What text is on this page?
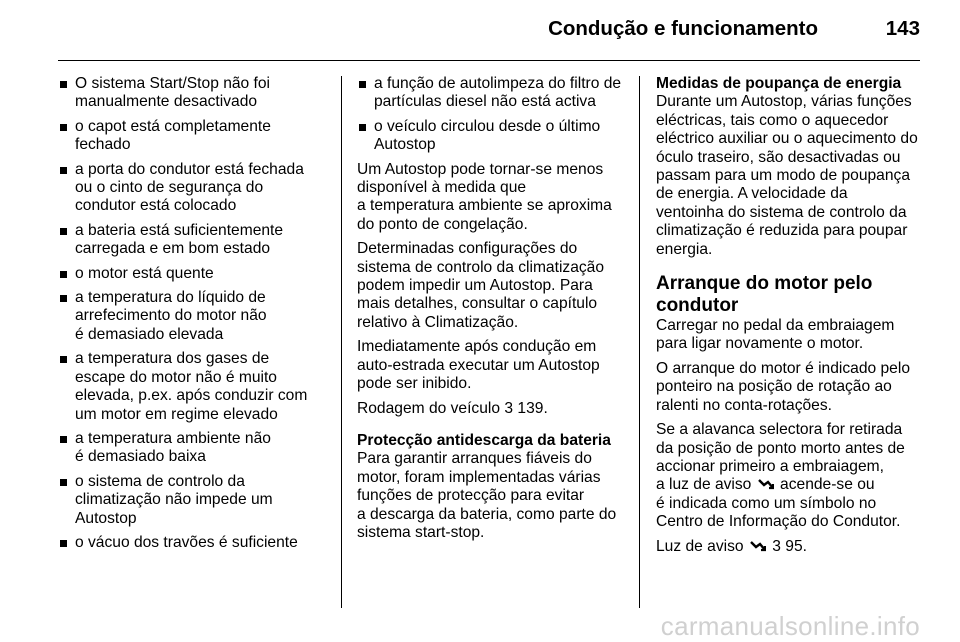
Condução e funcionamento	143
O sistema Start/Stop não foi
manualmente desactivado
o capot está completamente
fechado
a porta do condutor está fechada
ou o cinto de segurança do
condutor está colocado
a bateria está suficientemente
carregada e em bom estado
o motor está quente
a temperatura do líquido de
arrefecimento do motor não
é demasiado elevada
a temperatura dos gases de
escape do motor não é muito
elevada, p.ex. após conduzir com
um motor em regime elevado
a temperatura ambiente não
é demasiado baixa
o sistema de controlo da
climatização não impede um
Autostop
o vácuo dos travões é suficiente
a função de autolimpeza do filtro de
partículas diesel não está activa
o veículo circulou desde o último
Autostop

Um Autostop pode tornar-se menos
disponível à medida que
a temperatura ambiente se aproxima
do ponto de congelação.

Determinadas configurações do
sistema de controlo da climatização
podem impedir um Autostop. Para
mais detalhes, consultar o capítulo
relativo à Climatização.

Imediatamente após condução em
auto-estrada executar um Autostop
pode ser inibido.

Rodagem do veículo 3 139.

Protecção antidescarga da bateria

Para garantir arranques fiáveis do
motor, foram implementadas várias
funções de protecção para evitar
a descarga da bateria, como parte do
sistema start-stop.

Medidas de poupança de energia

Durante um Autostop, várias funções
eléctricas, tais como o aquecedor
eléctrico auxiliar ou o aquecimento do
óculo traseiro, são desactivadas ou
passam para um modo de poupança
de energia. A velocidade da
ventoinha do sistema de controlo da
climatização é reduzida para poupar
energia.

Arranque do motor pelo
condutor

Carregar no pedal da embraiagem
para ligar novamente o motor.

O arranque do motor é indicado pelo
ponteiro na posição de rotação ao
ralenti no conta-rotações.

Se a alavanca selectora for retirada
da posição de ponto morto antes de
accionar primeiro a embraiagem,
a luz de aviso acende-se ou
é indicada como um símbolo no
Centro de Informação do Condutor.

Luz de aviso 3 95.

carmanualsonline.info
